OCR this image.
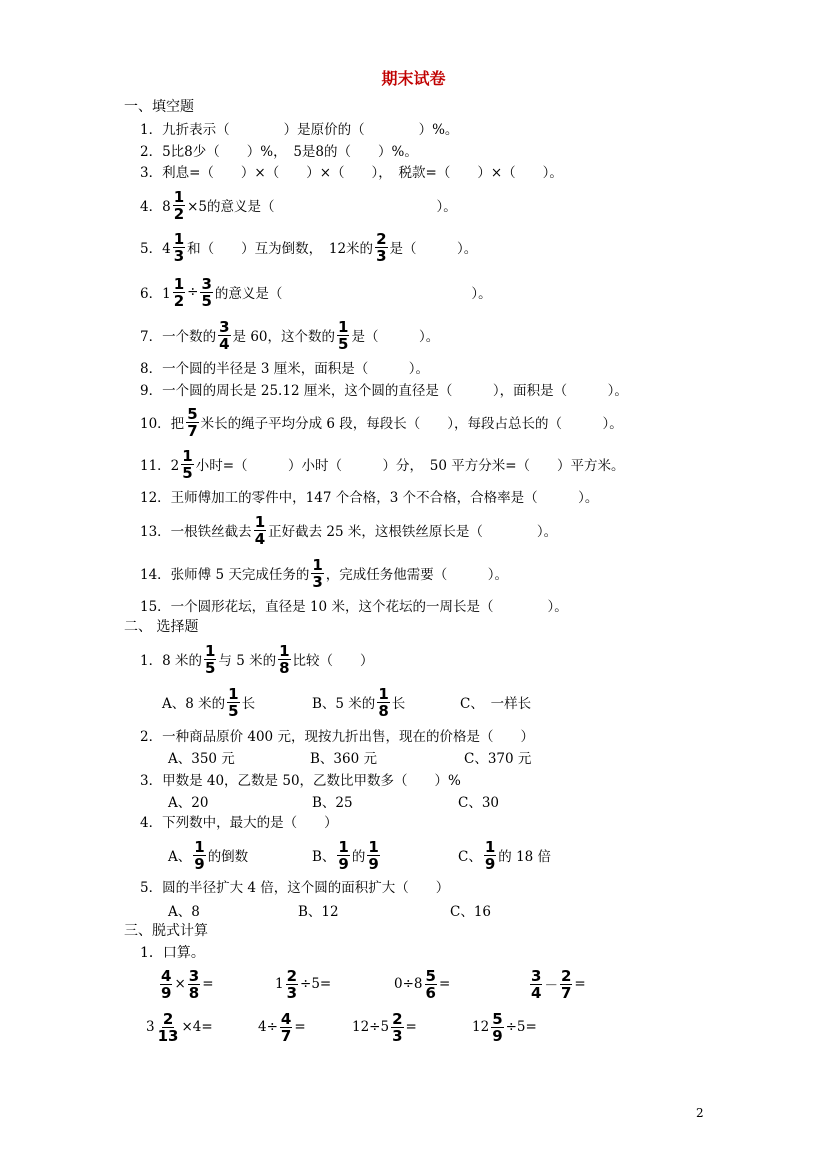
期末试卷
一、填空题
1．九折表示（　　　　）是原价的（　　　　）%。
2．5比8少（　　）%，　5是8的（　　）%。
3．利息=（　　）×（　　）×（　　），　税款=（　　）×（　　）。
4．$8 \frac{1}{2} \times 5$的意义是（　　　　　　　　　　　　）。
5．$4 \frac{1}{3}$ 和（　　）互为倒数，　12米的 $\frac{2}{3}$ 是（　　　）。
6．$1 \frac{1}{2} \div \frac{3}{5}$ 的意义是（　　　　　　　　　　　　　　）。
7．一个数的 $\frac{3}{4}$ 是 60，这个数的 $\frac{1}{5}$ 是（　　　）。
8．一个圆的半径是 3 厘米，面积是（　　　）。
9．一个圆的周长是 25.12 厘米，这个圆的直径是（　　　），面积是（　　　）。
10．把 $\frac{5}{7}$ 米长的绳子平均分成 6 段，每段长（　　），每段占总长的（　　　）。
11．$2 \frac{1}{5}$ 小时=（　　　）小时（　　　）分，　50 平方分米=（　　）平方米。
12．王师傅加工的零件中，147 个合格，3 个不合格，合格率是（　　　）。
13．一根铁丝截去 $\frac{1}{4}$ 正好截去 25 米，这根铁丝原长是（　　　　）。
14．张师傅 5 天完成任务的 $\frac{1}{3}$ ，完成任务他需要（　　　）。
15．一个圆形花坛，直径是 10 米，这个花坛的一周长是（　　　　）。
二、 选择题
1．8 米的 $\frac{1}{5}$ 与 5 米的 $\frac{1}{8}$ 比较（　　）
A、8 米的 $\frac{1}{5}$ 长	B、5 米的 $\frac{1}{8}$ 长	C、　一样长
2．一种商品原价 400 元，现按九折出售，现在的价格是（　　）
A、350 元	B、360 元	C、370 元
3．甲数是 40，乙数是 50，乙数比甲数多（　　）%
A、20	B、25	C、30
4．下列数中，最大的是（　　）
A、 $\frac{1}{9}$ 的倒数	B、 $\frac{1}{9}$ 的 $\frac{1}{9}$	C、 $\frac{1}{9}$ 的 18 倍
5．圆的半径扩大 4 倍，这个圆的面积扩大（　　）
A、8	B、12	C、16
三、脱式计算
1．口算。
$\frac{4}{9} \times \frac{3}{8}$ =	$1 \frac{2}{3} \div 5=$	$0\div 8 \frac{5}{6}$ =	$\frac{3}{4} - \frac{2}{7}$ =
$3 \frac{2}{13} \times 4=$	$4\div \frac{4}{7}$ =	$12\div 5 \frac{2}{3}$ =	$12 \frac{5}{9} \div 5=$
2
